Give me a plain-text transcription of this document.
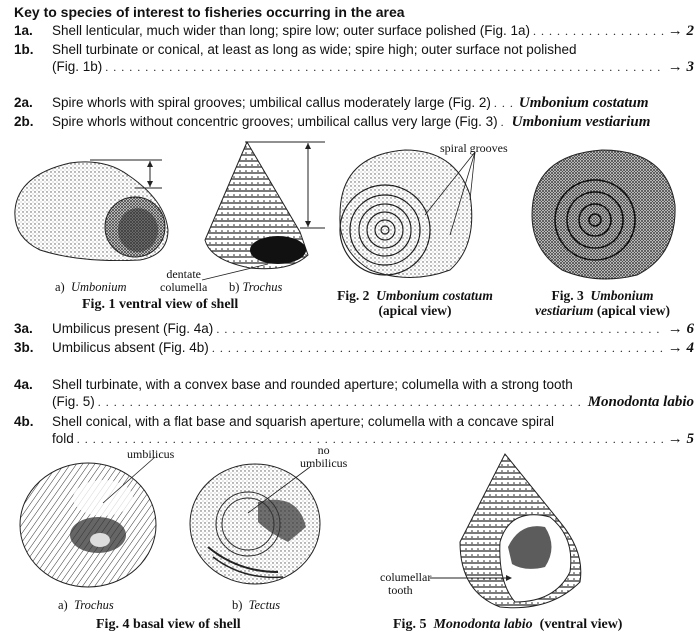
Key to species of interest to fisheries occurring in the area
1a. Shell lenticular, much wider than long; spire low; outer surface polished (Fig. 1a) . . .	→ 2
1b. Shell turbinate or conical, at least as long as wide; spire high; outer surface not polished
(Fig. 1b) . . .	→ 3
2a. Spire whorls with spiral grooves; umbilical callus moderately large (Fig. 2) . . . Umbonium costatum
2b. Spire whorls without concentric grooves; umbilical callus very large (Fig. 3) . . . Umbonium vestiarium
dentate
columella
a) Umbonium	b) Trochus
Fig. 1 ventral view of shell
spiral grooves
Fig. 2 Umbonium costatum
(apical view)
Fig. 3 Umbonium
vestiarium (apical view)
3a. Umbilicus present (Fig. 4a) . . .	→ 6
3b. Umbilicus absent (Fig. 4b) . . .	→ 4
4a. Shell turbinate, with a convex base and rounded aperture; columella with a strong tooth
(Fig. 5) . . .	Monodonta labio
4b. Shell conical, with a flat base and squarish aperture; columella with a concave spiral
fold . . .	→ 5
umbilicus	no
umbilicus
a) Trochus	b) Tectus
Fig. 4 basal view of shell
columellar
tooth
Fig. 5 Monodonta labio (ventral view)
